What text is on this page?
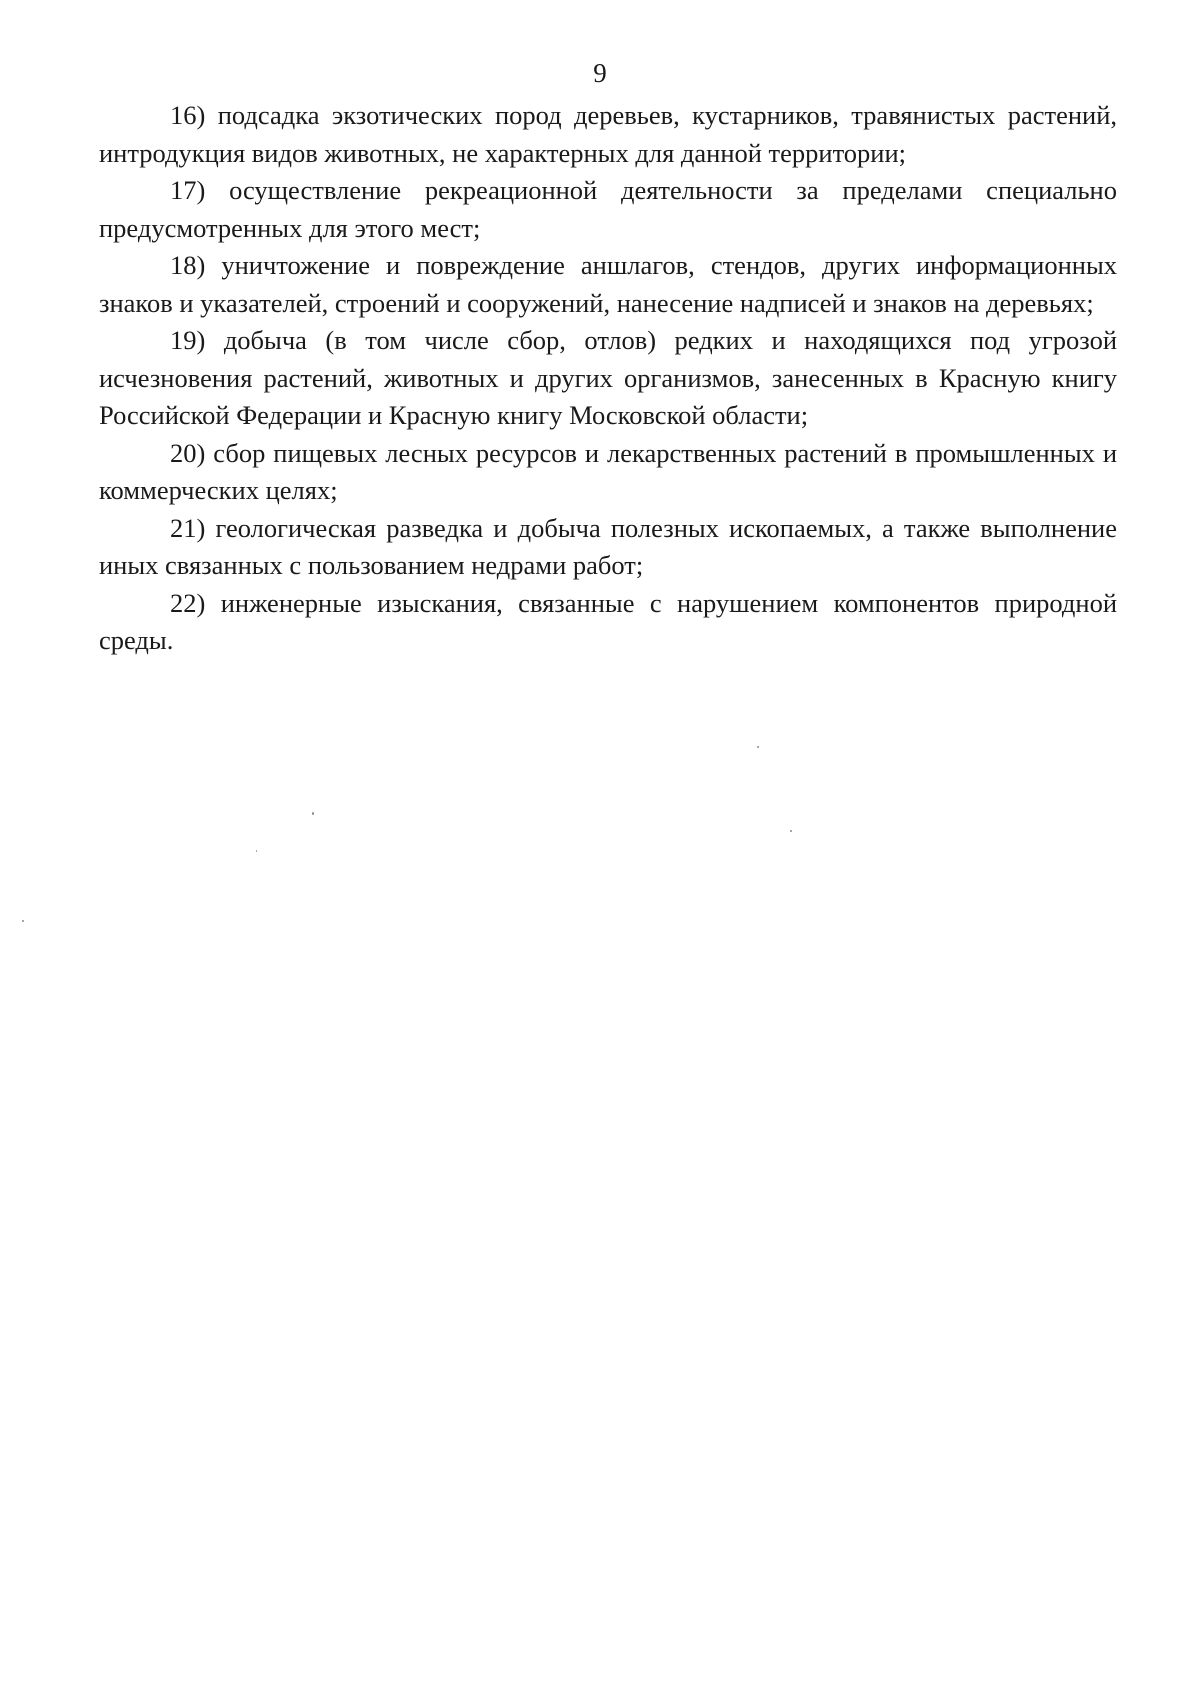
9

16) подсадка экзотических пород деревьев, кустарников, травянистых растений, интродукция видов животных, не характерных для данной территории;

17) осуществление рекреационной деятельности за пределами специально предусмотренных для этого мест;

18) уничтожение и повреждение аншлагов, стендов, других информационных знаков и указателей, строений и сооружений, нанесение надписей и знаков на деревьях;

19) добыча (в том числе сбор, отлов) редких и находящихся под угрозой исчезновения растений, животных и других организмов, занесенных в Красную книгу Российской Федерации и Красную книгу Московской области;

20) сбор пищевых лесных ресурсов и лекарственных растений в промышленных и коммерческих целях;

21) геологическая разведка и добыча полезных ископаемых, а также выполнение иных связанных с пользованием недрами работ;

22) инженерные изыскания, связанные с нарушением компонентов природной среды.
